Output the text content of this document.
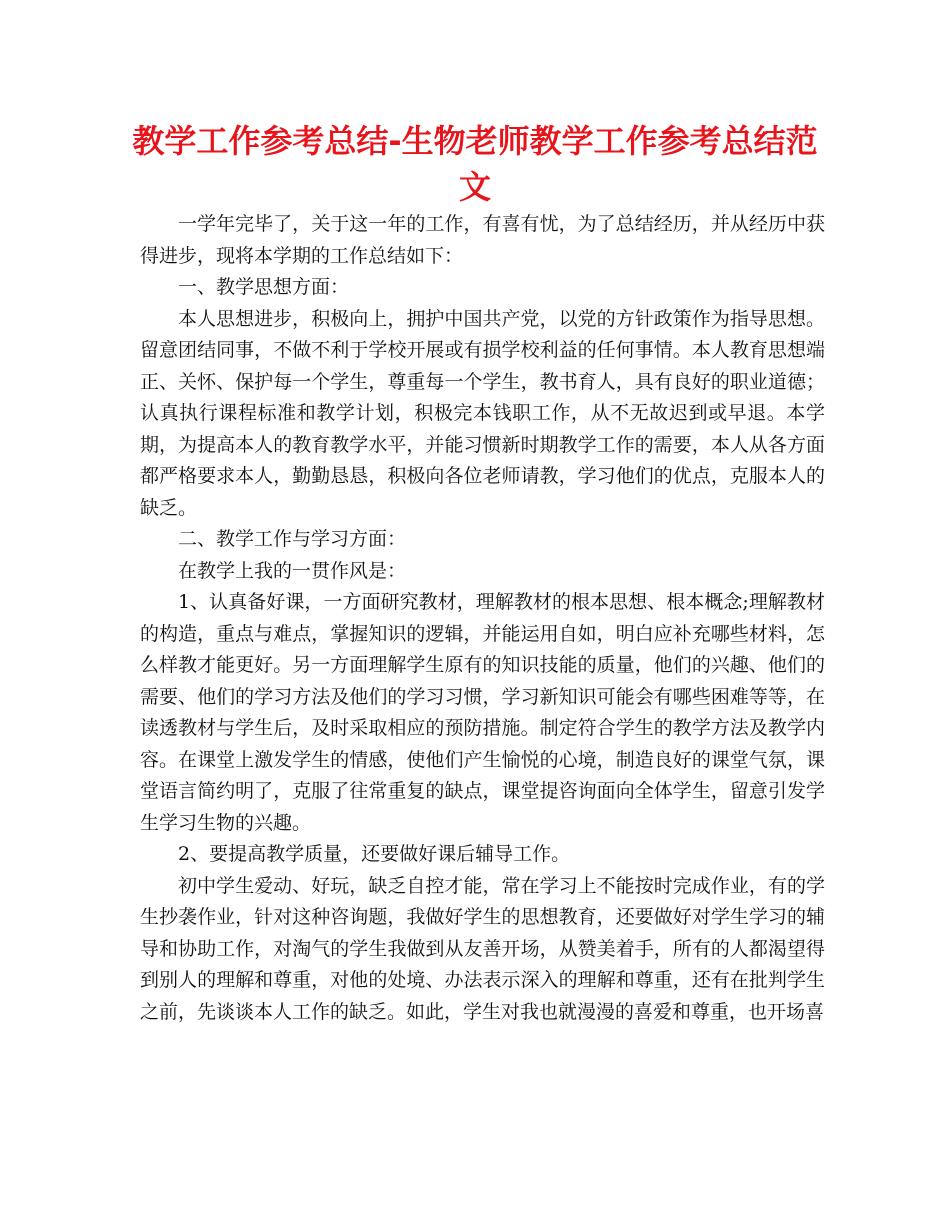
教学工作参考总结-生物老师教学工作参考总结范文

一学年完毕了，关于这一年的工作，有喜有忧，为了总结经历，并从经历中获得进步，现将本学期的工作总结如下：

一、教学思想方面：

本人思想进步，积极向上，拥护中国共产党，以党的方针政策作为指导思想。留意团结同事，不做不利于学校开展或有损学校利益的任何事情。本人教育思想端正、关怀、保护每一个学生，尊重每一个学生，教书育人，具有良好的职业道德；认真执行课程标准和教学计划，积极完本钱职工作，从不无故迟到或早退。本学期，为提高本人的教育教学水平，并能习惯新时期教学工作的需要，本人从各方面都严格要求本人，勤勤恳恳，积极向各位老师请教，学习他们的优点，克服本人的缺乏。

二、教学工作与学习方面：

在教学上我的一贯作风是：

1、认真备好课，一方面研究教材，理解教材的根本思想、根本概念;理解教材的构造，重点与难点，掌握知识的逻辑，并能运用自如，明白应补充哪些材料，怎么样教才能更好。另一方面理解学生原有的知识技能的质量，他们的兴趣、他们的需要、他们的学习方法及他们的学习习惯，学习新知识可能会有哪些困难等等，在读透教材与学生后，及时采取相应的预防措施。制定符合学生的教学方法及教学内容。在课堂上激发学生的情感，使他们产生愉悦的心境，制造良好的课堂气氛，课堂语言简约明了，克服了往常重复的缺点，课堂提咨询面向全体学生，留意引发学生学习生物的兴趣。

2、要提高教学质量，还要做好课后辅导工作。

初中学生爱动、好玩，缺乏自控才能，常在学习上不能按时完成作业，有的学生抄袭作业，针对这种咨询题，我做好学生的思想教育，还要做好对学生学习的辅导和协助工作，对淘气的学生我做到从友善开场，从赞美着手，所有的人都渴望得到别人的理解和尊重，对他的处境、办法表示深入的理解和尊重，还有在批判学生之前，先谈谈本人工作的缺乏。如此，学生对我也就漫漫的喜爱和尊重，也开场喜
